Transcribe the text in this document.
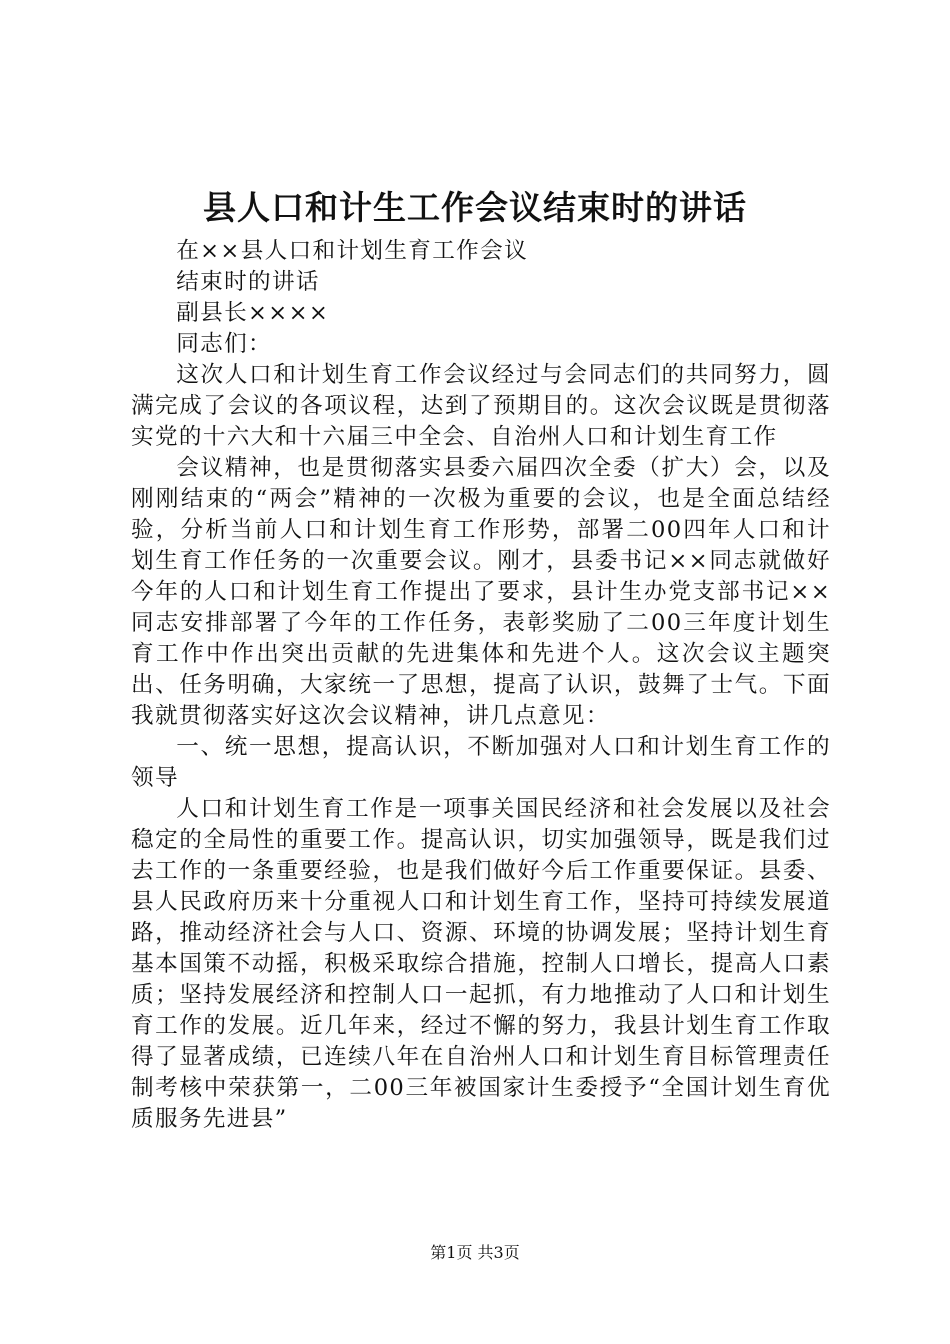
县人口和计生工作会议结束时的讲话

在××县人口和计划生育工作会议

结束时的讲话

副县长××××

同志们：

这次人口和计划生育工作会议经过与会同志们的共同努力，圆满完成了会议的各项议程，达到了预期目的。这次会议既是贯彻落实党的十六大和十六届三中全会、自治州人口和计划生育工作

会议精神，也是贯彻落实县委六届四次全委（扩大）会，以及刚刚结束的“两会”精神的一次极为重要的会议，也是全面总结经验，分析当前人口和计划生育工作形势，部署二00四年人口和计划生育工作任务的一次重要会议。刚才，县委书记××同志就做好今年的人口和计划生育工作提出了要求，县计生办党支部书记××同志安排部署了今年的工作任务，表彰奖励了二00三年度计划生育工作中作出突出贡献的先进集体和先进个人。这次会议主题突出、任务明确，大家统一了思想，提高了认识，鼓舞了士气。下面我就贯彻落实好这次会议精神，讲几点意见：

一、统一思想，提高认识，不断加强对人口和计划生育工作的领导

人口和计划生育工作是一项事关国民经济和社会发展以及社会稳定的全局性的重要工作。提高认识，切实加强领导，既是我们过去工作的一条重要经验，也是我们做好今后工作重要保证。县委、县人民政府历来十分重视人口和计划生育工作，坚持可持续发展道路，推动经济社会与人口、资源、环境的协调发展；坚持计划生育基本国策不动摇，积极采取综合措施，控制人口增长，提高人口素质；坚持发展经济和控制人口一起抓，有力地推动了人口和计划生育工作的发展。近几年来，经过不懈的努力，我县计划生育工作取得了显著成绩，已连续八年在自治州人口和计划生育目标管理责任制考核中荣获第一，二00三年被国家计生委授予“全国计划生育优质服务先进县”

第1页 共3页
